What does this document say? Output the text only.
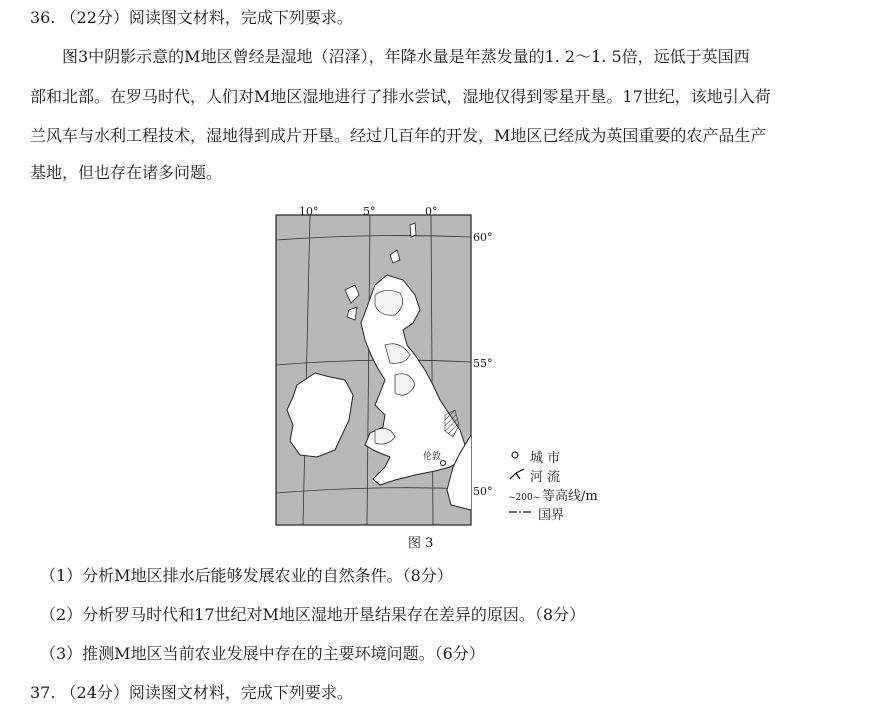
36. （22分）阅读图文材料，完成下列要求。
　　图3中阴影示意的M地区曾经是湿地（沼泽），年降水量是年蒸发量的1. 2～1. 5倍，远低于英国西
部和北部。在罗马时代，人们对M地区湿地进行了排水尝试，湿地仅得到零星开垦。17世纪，该地引入荷
兰风车与水利工程技术，湿地得到成片开垦。经过几百年的开发，M地区已经成为英国重要的农产品生产
基地，但也存在诸多问题。
10°	5°	0°
60°
55°
50°
伦敦	城 市
河 流
~200~ 等高线/m
国界
图 3
（1）分析M地区排水后能够发展农业的自然条件。（8分）
（2）分析罗马时代和17世纪对M地区湿地开垦结果存在差异的原因。（8分）
（3）推测M地区当前农业发展中存在的主要环境问题。（6分）
37. （24分）阅读图文材料，完成下列要求。
